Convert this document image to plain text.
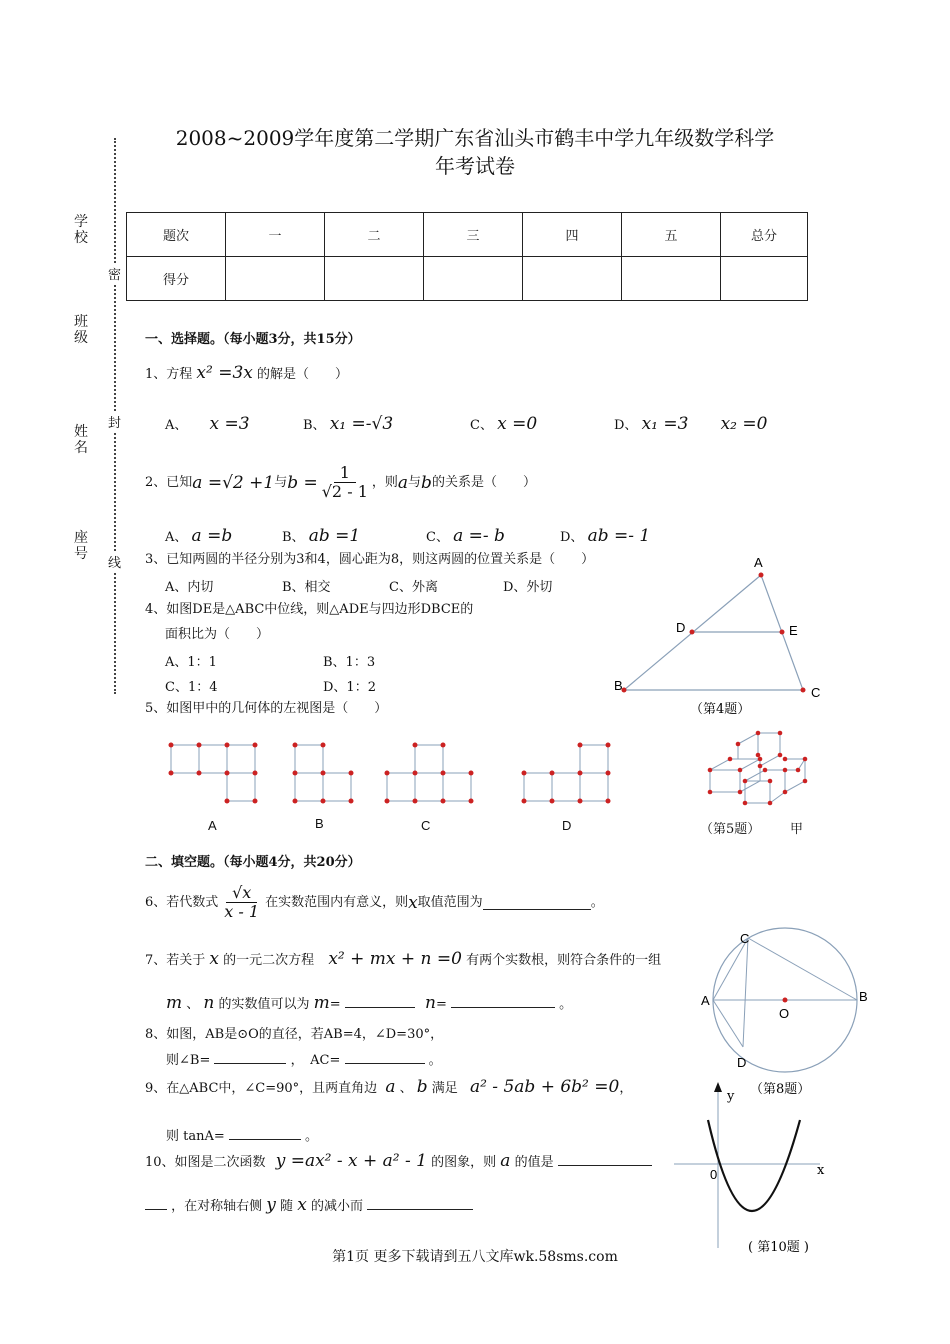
2008~2009学年度第二学期广东省汕头市鹤丰中学九年级数学科学
年考试卷
学校
班级
姓名
座号
密
封
线
题次	一	二	三	四	五	总分
得分						
一、选择题。（每小题3分，共15分）
1、方程 x² =3x 的解是（　　）
A、 x =3	B、 x₁ =-√3	C、 x =0	D、 x₁ =3 x₂ =0
2、已知 a =√2 +1 与 $b = \frac{1}{√2 - 1}$ ，则 a 与 b 的关系是（　　）
A、 a =b	B、 ab =1	C、 a =- b	D、 ab =- 1
3、已知两圆的半径分别为3和4，圆心距为8，则这两圆的位置关系是（　　）
A、内切	B、相交	C、外离	D、外切
4、如图DE是△ABC中位线，则△ADE与四边形DBCE的
面积比为（　　）
A、1：1	B、1：3
C、1：4	D、1：2
A
B	C
D	E
（第4题）
5、如图甲中的几何体的左视图是（　　）
A	B	C	D	（第5题） 甲
二、填空题。（每小题4分，共20分）
6、若代数式 $\frac{√x}{x - 1}$ 在实数范围内有意义，则 x 取值范围为	。
7、若关于 x 的一元二次方程 x² + mx + n =0 有两个实数根，则符合条件的一组
m 、 n 的实数值可以为 m=	n=	。
8、如图，AB是⊙O的直径，若AB=4，∠D=30°，
则∠B=	，　AC=	。
C
A	B
O
D
（第8题）
9、在△ABC中，∠C=90°，且两直角边 a 、 b 满足 a² - 5ab + 6b² =0，
则 tanA=	。
10、如图是二次函数 y =ax² - x + a² - 1 的图象，则 a 的值是
，在对称轴右侧 y 随 x 的减小而
y
x
0
( 第10题 )
第1页 更多下载请到五八文库wk.58sms.com
